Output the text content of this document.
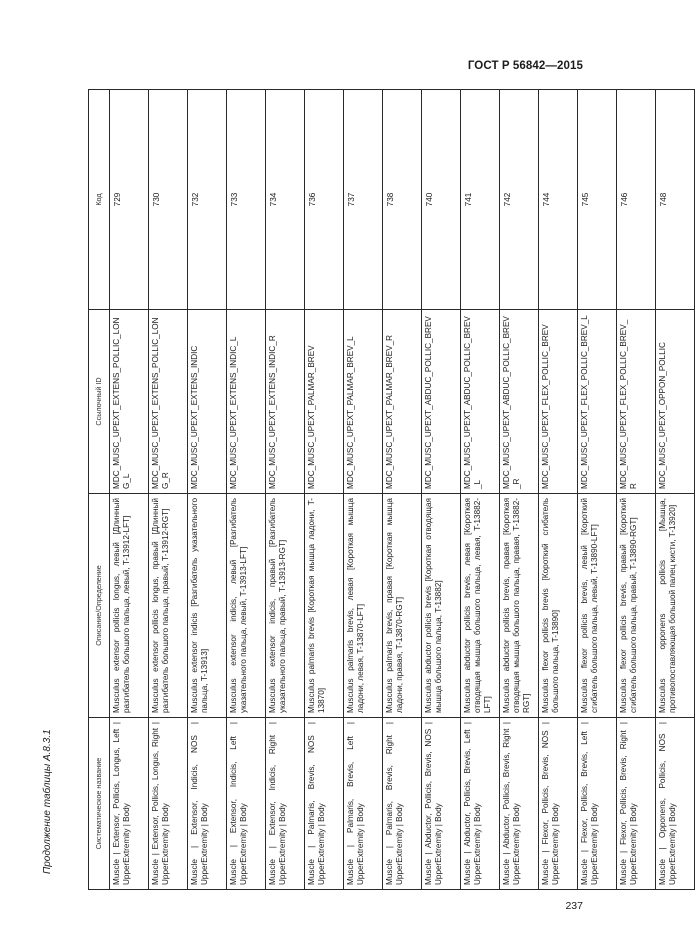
ГОСТ Р 56842—2015
Продолжение таблицы А.8.3.1	Систематическое название	Описание/Определение	Ссылочный ID	Код
Muscle | Extensor, Pollicis, Longus, Left | UpperExtremity | Body	Musculus extensor pollicis longus, левый [Длинный разгибатель большого пальца, левый, T-13912-LFT]	MDC_MUSC_UPEXT_EXTENS_POLLIC_LONG_L	729
Muscle | Extensor, Pollicis, Longus, Right | UpperExtremity | Body	Musculus extensor pollicis longus, правый [Длинный разгибатель большого пальца, правый, T-13912-RGT]	MDC_MUSC_UPEXT_EXTENS_POLLIC_LONG_R	730
Muscle | Extensor, Indicis, NOS | UpperExtremity | Body	Musculus extensor indicis [Разгибатель указательного пальца, T-13913]	MDC_MUSC_UPEXT_EXTENS_INDIC	732
Muscle | Extensor, Indicis, Left | UpperExtremity | Body	Musculus extensor indicis, левый [Разгибатель указательного пальца, левый, T-13913-LFT]	MDC_MUSC_UPEXT_EXTENS_INDIC_L	733
Muscle | Extensor, Indicis, Right | UpperExtremity | Body	Musculus extensor indicis, правый [Разгибатель указательного пальца, правый, T-13913-RGT]	MDC_MUSC_UPEXT_EXTENS_INDIC_R	734
Muscle | Palmaris, Brevis, NOS | UpperExtremity | Body	Musculus palmaris brevis [Короткая мышца ладони, T-13870]	MDC_MUSC_UPEXT_PALMAR_BREV	736
Muscle | Palmaris, Brevis, Left | UpperExtremity | Body	Musculus palmaris brevis, левая [Короткая мышца ладони, левая, T-13870-LFT]	MDC_MUSC_UPEXT_PALMAR_BREV_L	737
Muscle | Palmaris, Brevis, Right | UpperExtremity | Body	Musculus palmaris brevis, правая [Короткая мышца ладони, правая, T-13870-RGT]	MDC_MUSC_UPEXT_PALMAR_BREV_R	738
Muscle | Abductor, Pollicis, Brevis, NOS | UpperExtremity | Body	Musculus abductor pollicis brevis [Короткая отводящая мышца большого пальца, T-13882]	MDC_MUSC_UPEXT_ABDUC_POLLIC_BREV	740
Muscle | Abductor, Pollicis, Brevis, Left | UpperExtremity | Body	Musculus abductor pollicis brevis, левая [Короткая отводящая мышца большого пальца, левая, T-13882-LFT]	MDC_MUSC_UPEXT_ABDUC_POLLIC_BREV_L	741
Muscle | Abductor, Pollicis, Brevis, Right | UpperExtremity | Body	Musculus abductor pollicis brevis, правая [Короткая отводящая мышца большого пальца, правая, T-13882-RGT]	MDC_MUSC_UPEXT_ABDUC_POLLIC_BREV_R	742
Muscle | Flexor, Pollicis, Brevis, NOS | UpperExtremity | Body	Musculus flexor pollicis brevis [Короткий сгибатель большого пальца, T-13890]	MDC_MUSC_UPEXT_FLEX_POLLIC_BREV	744
Muscle | Flexor, Pollicis, Brevis, Left | UpperExtremity | Body	Musculus flexor pollicis brevis, левый [Короткий сгибатель большого пальца, левый, T-13890-LFT]	MDC_MUSC_UPEXT_FLEX_POLLIC_BREV_L	745
Muscle | Flexor, Pollicis, Brevis, Right | UpperExtremity | Body	Musculus flexor pollicis brevis, правый [Короткий сгибатель большого пальца, правый, T-13890-RGT]	MDC_MUSC_UPEXT_FLEX_POLLIC_BREV_R	746
Muscle | Opponens, Pollicis, NOS | UpperExtremity | Body	Musculus opponens pollicis [Мышца, противопоставляющая большой палец кисти, T-13920]	MDC_MUSC_UPEXT_OPPON_POLLIC	748
237
